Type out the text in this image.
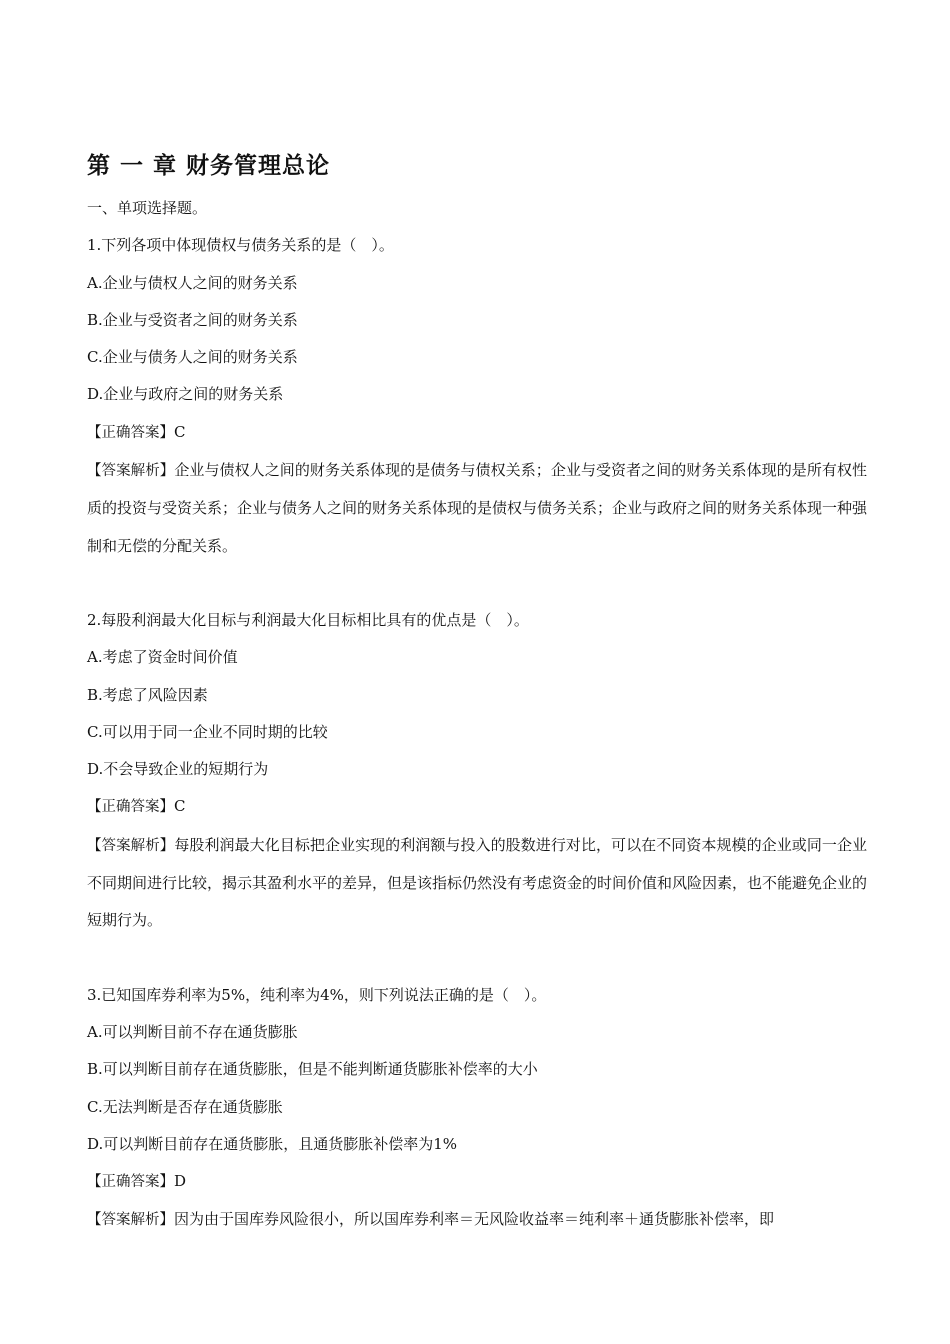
第 一 章 财务管理总论

一、单项选择题。

1.下列各项中体现债权与债务关系的是（　）。

A.企业与债权人之间的财务关系

B.企业与受资者之间的财务关系

C.企业与债务人之间的财务关系

D.企业与政府之间的财务关系

【正确答案】C

【答案解析】企业与债权人之间的财务关系体现的是债务与债权关系；企业与受资者之间的财务关系体现的是所有权性质的投资与受资关系；企业与债务人之间的财务关系体现的是债权与债务关系；企业与政府之间的财务关系体现一种强制和无偿的分配关系。

2.每股利润最大化目标与利润最大化目标相比具有的优点是（　）。

A.考虑了资金时间价值

B.考虑了风险因素

C.可以用于同一企业不同时期的比较

D.不会导致企业的短期行为

【正确答案】C

【答案解析】每股利润最大化目标把企业实现的利润额与投入的股数进行对比，可以在不同资本规模的企业或同一企业不同期间进行比较，揭示其盈利水平的差异，但是该指标仍然没有考虑资金的时间价值和风险因素，也不能避免企业的短期行为。

3.已知国库券利率为5%，纯利率为4%，则下列说法正确的是（　）。

A.可以判断目前不存在通货膨胀

B.可以判断目前存在通货膨胀，但是不能判断通货膨胀补偿率的大小

C.无法判断是否存在通货膨胀

D.可以判断目前存在通货膨胀，且通货膨胀补偿率为1%

【正确答案】D

【答案解析】因为由于国库券风险很小，所以国库券利率＝无风险收益率＝纯利率＋通货膨胀补偿率，即
